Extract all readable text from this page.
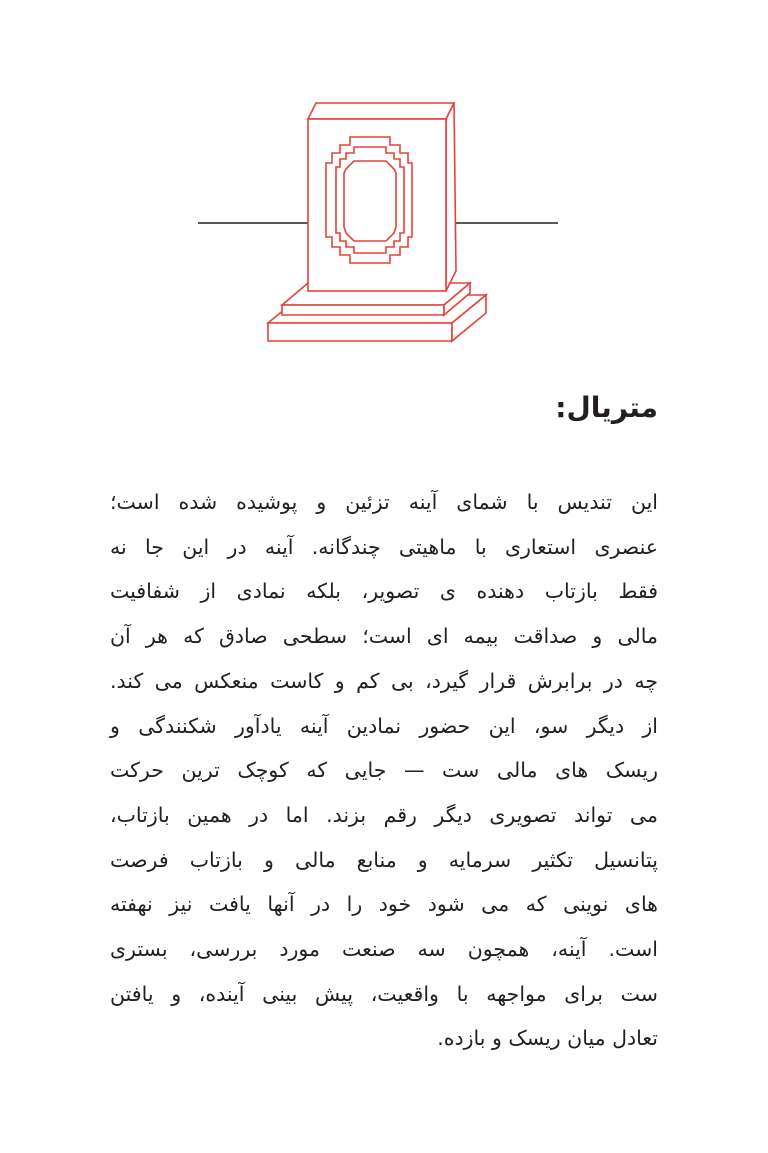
متریال:
این تندیس با شمای آینه تزئین و پوشیده شده است؛
عنصری استعاری با ماهیتی چندگانه. آینه در این جا نه
فقط بازتاب دهنده ی تصویر، بلکه نمادی از شفافیت
مالی و صداقت بیمه ای است؛ سطحی صادق که هر آن
چه در برابرش قرار گیرد، بی کم و کاست منعکس می کند.
از دیگر سو، این حضور نمادین آینه یادآور شکنندگی و
ریسک های مالی ست — جایی که کوچک ترین حرکت
می تواند تصویری دیگر رقم بزند. اما در همین بازتاب،
پتانسیل تکثیر سرمایه و منابع مالی و بازتاب فرصت
های نوینی که می شود خود را در آنها یافت نیز نهفته
است. آینه، همچون سه صنعت مورد بررسی، بستری
ست برای مواجهه با واقعیت، پیش بینی آینده، و یافتن
تعادل میان ریسک و بازده.
